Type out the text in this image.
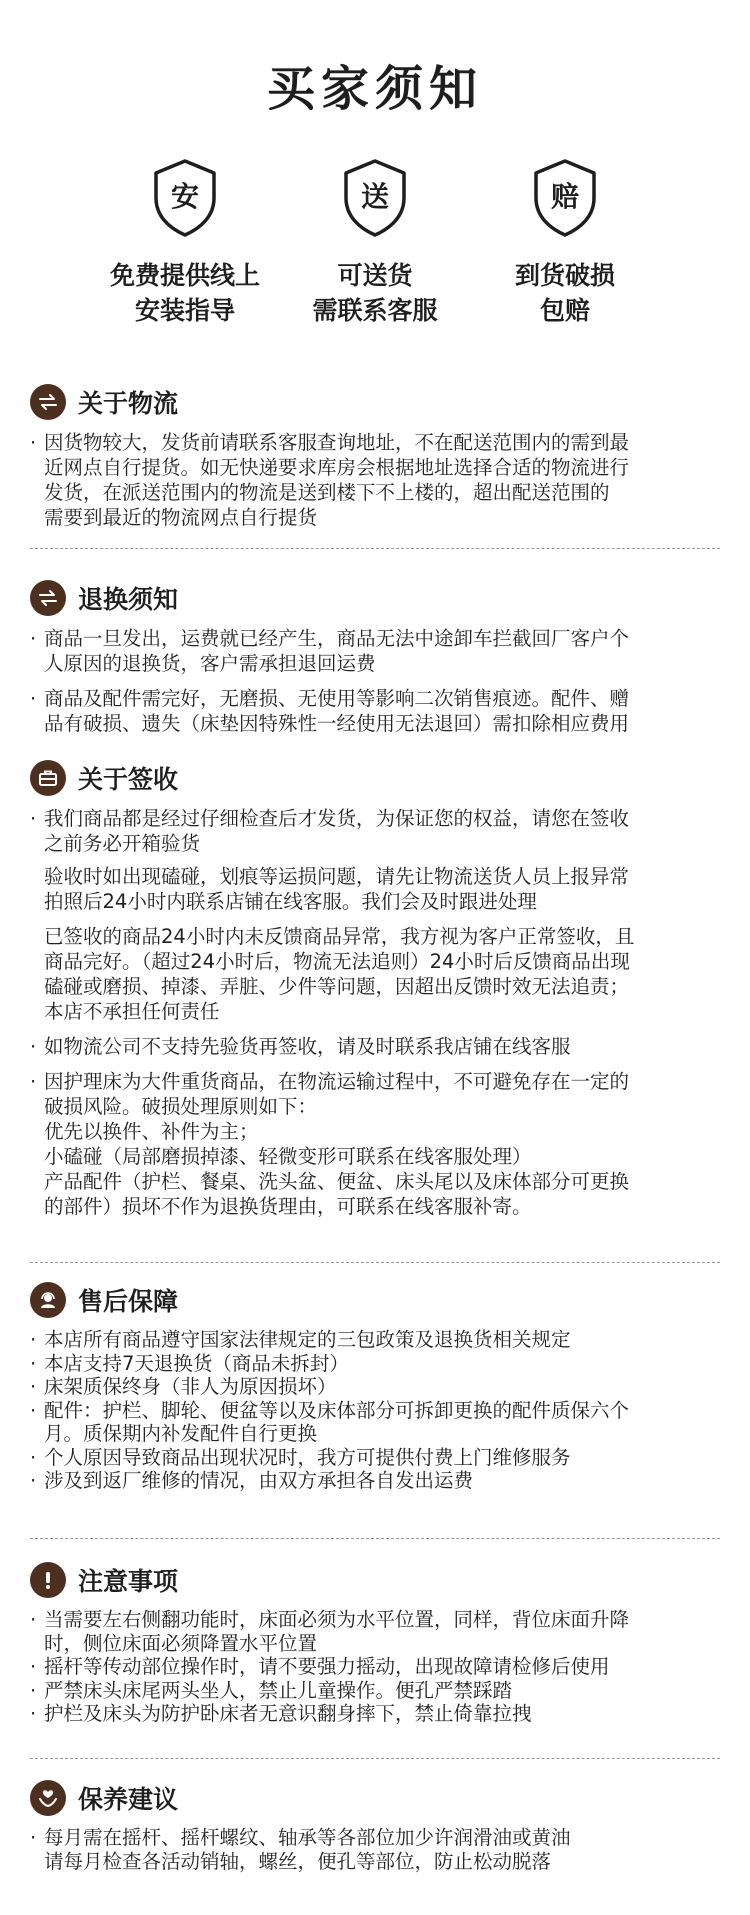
买家须知
安
免费提供线上
安装指导
送
可送货
需联系客服
赔
到货破损
包赔
关于物流
· 因货物较大，发货前请联系客服查询地址，不在配送范围内的需到最
近网点自行提货。如无快递要求库房会根据地址选择合适的物流进行
发货，在派送范围内的物流是送到楼下不上楼的，超出配送范围的
需要到最近的物流网点自行提货
退换须知
· 商品一旦发出，运费就已经产生，商品无法中途卸车拦截回厂客户个
人原因的退换货，客户需承担退回运费
· 商品及配件需完好，无磨损、无使用等影响二次销售痕迹。配件、赠
品有破损、遗失（床垫因特殊性一经使用无法退回）需扣除相应费用
关于签收
· 我们商品都是经过仔细检查后才发货，为保证您的权益，请您在签收
之前务必开箱验货
验收时如出现磕碰，划痕等运损问题，请先让物流送货人员上报异常
拍照后24小时内联系店铺在线客服。我们会及时跟进处理
已签收的商品24小时内未反馈商品异常，我方视为客户正常签收，且
商品完好。（超过24小时后，物流无法追则）24小时后反馈商品出现
磕碰或磨损、掉漆、弄脏、少件等问题，因超出反馈时效无法追责；
本店不承担任何责任
· 如物流公司不支持先验货再签收，请及时联系我店铺在线客服
· 因护理床为大件重货商品，在物流运输过程中，不可避免存在一定的
破损风险。破损处理原则如下：
优先以换件、补件为主；
小磕碰（局部磨损掉漆、轻微变形可联系在线客服处理）
产品配件（护栏、餐桌、洗头盆、便盆、床头尾以及床体部分可更换
的部件）损坏不作为退换货理由，可联系在线客服补寄。
售后保障
· 本店所有商品遵守国家法律规定的三包政策及退换货相关规定
· 本店支持7天退换货（商品未拆封）
· 床架质保终身（非人为原因损坏）
· 配件：护栏、脚轮、便盆等以及床体部分可拆卸更换的配件质保六个
月。质保期内补发配件自行更换
· 个人原因导致商品出现状况时，我方可提供付费上门维修服务
· 涉及到返厂维修的情况，由双方承担各自发出运费
注意事项
· 当需要左右侧翻功能时，床面必须为水平位置，同样，背位床面升降
时，侧位床面必须降置水平位置
· 摇杆等传动部位操作时，请不要强力摇动，出现故障请检修后使用
· 严禁床头床尾两头坐人，禁止儿童操作。便孔严禁踩踏
· 护栏及床头为防护卧床者无意识翻身摔下，禁止倚靠拉拽
保养建议
· 每月需在摇杆、摇杆螺纹、轴承等各部位加少许润滑油或黄油
请每月检查各活动销轴，螺丝，便孔等部位，防止松动脱落
